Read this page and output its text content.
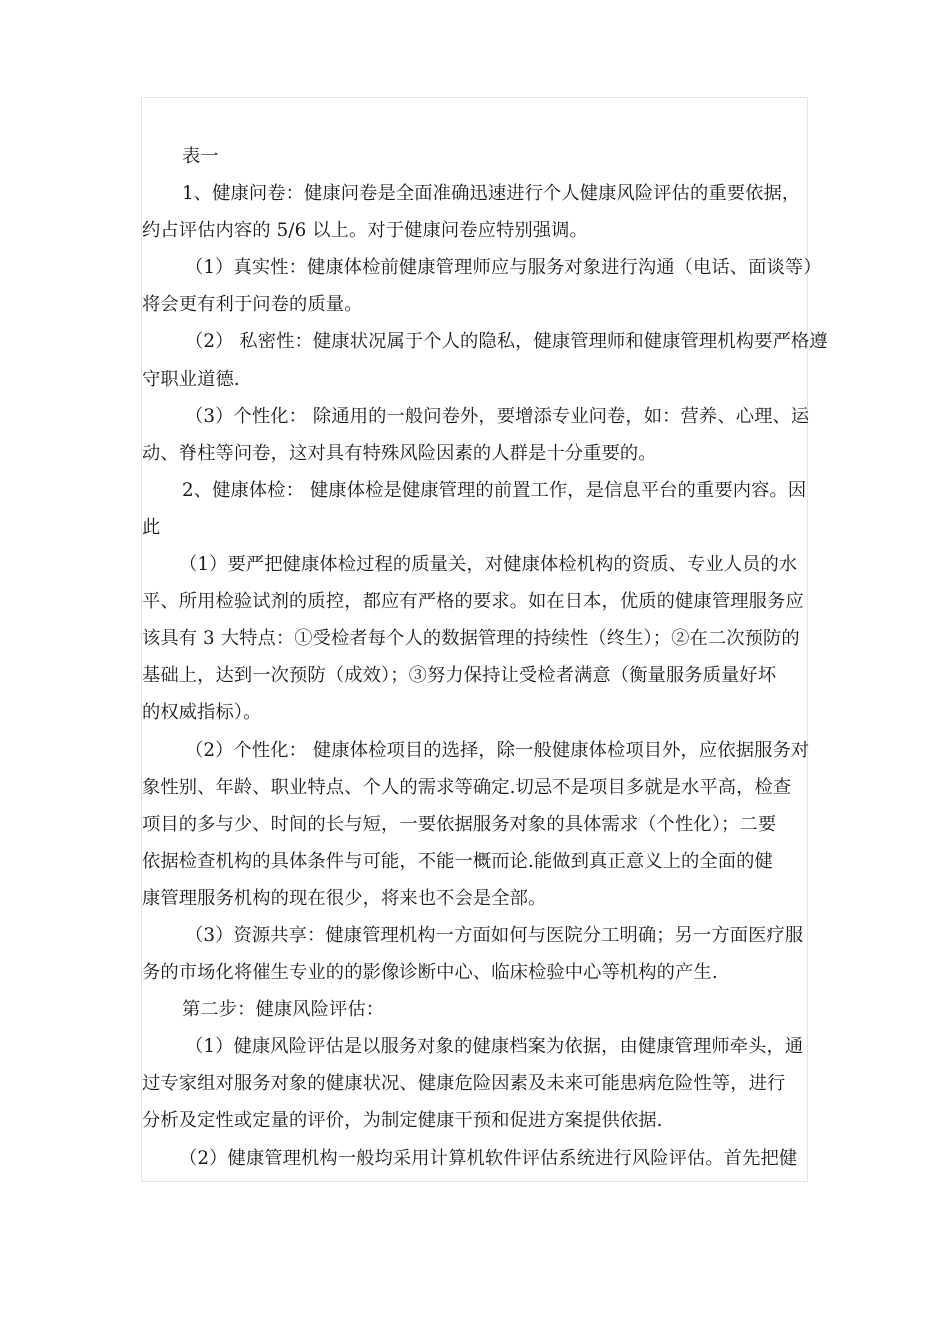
表一
1、健康问卷：健康问卷是全面准确迅速进行个人健康风险评估的重要依据，
约占评估内容的 5/6 以上。对于健康问卷应特别强调。
（1）真实性：健康体检前健康管理师应与服务对象进行沟通（电话、面谈等）
将会更有利于问卷的质量。
（2） 私密性：健康状况属于个人的隐私，健康管理师和健康管理机构要严格遵
守职业道德.
（3）个性化： 除通用的一般问卷外，要增添专业问卷，如：营养、心理、运
动、脊柱等问卷，这对具有特殊风险因素的人群是十分重要的。
2、健康体检： 健康体检是健康管理的前置工作，是信息平台的重要内容。因
此
（1）要严把健康体检过程的质量关，对健康体检机构的资质、专业人员的水
平、所用检验试剂的质控，都应有严格的要求。如在日本，优质的健康管理服务应
该具有 3 大特点：①受检者每个人的数据管理的持续性（终生）；②在二次预防的
基础上，达到一次预防（成效）；③努力保持让受检者满意（衡量服务质量好坏
的权威指标）。
（2）个性化： 健康体检项目的选择，除一般健康体检项目外，应依据服务对
象性别、年龄、职业特点、个人的需求等确定.切忌不是项目多就是水平高，检查
项目的多与少、时间的长与短，一要依据服务对象的具体需求（个性化）；二要
依据检查机构的具体条件与可能，不能一概而论.能做到真正意义上的全面的健
康管理服务机构的现在很少，将来也不会是全部。
（3）资源共享：健康管理机构一方面如何与医院分工明确；另一方面医疗服
务的市场化将催生专业的的影像诊断中心、临床检验中心等机构的产生.
第二步：健康风险评估：
（1）健康风险评估是以服务对象的健康档案为依据，由健康管理师牵头，通
过专家组对服务对象的健康状况、健康危险因素及未来可能患病危险性等，进行
分析及定性或定量的评价，为制定健康干预和促进方案提供依据.
（2）健康管理机构一般均采用计算机软件评估系统进行风险评估。首先把健
